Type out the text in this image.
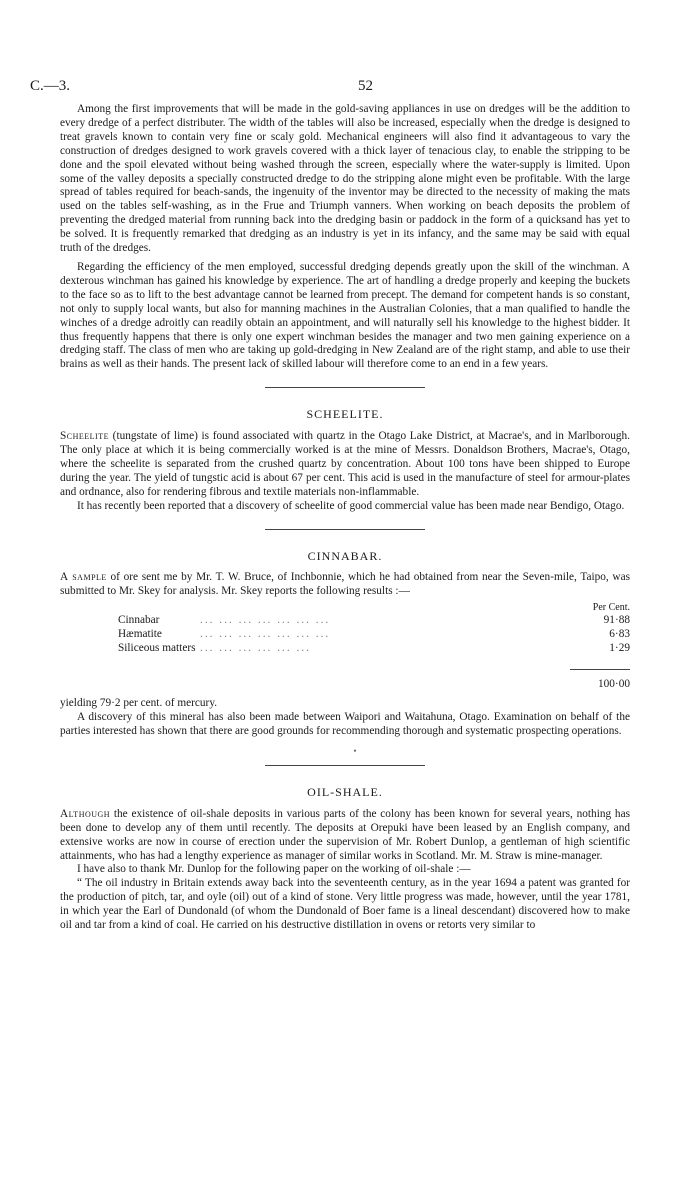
C.—3.	52

Among the first improvements that will be made in the gold-saving appliances in use on dredges will be the addition to every dredge of a perfect distributer. The width of the tables will also be increased, especially when the dredge is designed to treat gravels known to contain very fine or scaly gold. Mechanical engineers will also find it advantageous to vary the construction of dredges designed to work gravels covered with a thick layer of tenacious clay, to enable the stripping to be done and the spoil elevated without being washed through the screen, especially where the water-supply is limited. Upon some of the valley deposits a specially constructed dredge to do the stripping alone might even be profitable. With the large spread of tables required for beach-sands, the ingenuity of the inventor may be directed to the necessity of making the mats used on the tables self-washing, as in the Frue and Triumph vanners. When working on beach deposits the problem of preventing the dredged material from running back into the dredging basin or paddock in the form of a quicksand has yet to be solved. It is frequently remarked that dredging as an industry is yet in its infancy, and the same may be said with equal truth of the dredges.

Regarding the efficiency of the men employed, successful dredging depends greatly upon the skill of the winchman. A dexterous winchman has gained his knowledge by experience. The art of handling a dredge properly and keeping the buckets to the face so as to lift to the best advantage cannot be learned from precept. The demand for competent hands is so constant, not only to supply local wants, but also for manning machines in the Australian Colonies, that a man qualified to handle the winches of a dredge adroitly can readily obtain an appointment, and will naturally sell his knowledge to the highest bidder. It thus frequently happens that there is only one expert winchman besides the manager and two men gaining experience on a dredging staff. The class of men who are taking up gold-dredging in New Zealand are of the right stamp, and able to use their brains as well as their hands. The present lack of skilled labour will therefore come to an end in a few years.

SCHEELITE.

Scheelite (tungstate of lime) is found associated with quartz in the Otago Lake District, at Macrae's, and in Marlborough. The only place at which it is being commercially worked is at the mine of Messrs. Donaldson Brothers, Macrae's, Otago, where the scheelite is separated from the crushed quartz by concentration. About 100 tons have been shipped to Europe during the year. The yield of tungstic acid is about 67 per cent. This acid is used in the manufacture of steel for armour-plates and ordnance, also for rendering fibrous and textile materials non-inflammable.

It has recently been reported that a discovery of scheelite of good commercial value has been made near Bendigo, Otago.

CINNABAR.

A sample of ore sent me by Mr. T. W. Bruce, of Inchbonnie, which he had obtained from near the Seven-mile, Taipo, was submitted to Mr. Skey for analysis. Mr. Skey reports the following results :—

Per Cent.
Cinnabar	... ... ... ... ... ... ...	91·88
Hæmatite	... ... ... ... ... ... ...	6·83
Siliceous matters ... ... ... ... ... ...	1·29
100·00

yielding 79·2 per cent. of mercury.

A discovery of this mineral has also been made between Waipori and Waitahuna, Otago. Examination on behalf of the parties interested has shown that there are good grounds for recommending thorough and systematic prospecting operations.

•
OIL-SHALE.

Although the existence of oil-shale deposits in various parts of the colony has been known for several years, nothing has been done to develop any of them until recently. The deposits at Orepuki have been leased by an English company, and extensive works are now in course of erection under the supervision of Mr. Robert Dunlop, a gentleman of high scientific attainments, who has had a lengthy experience as manager of similar works in Scotland. Mr. M. Straw is mine-manager.

I have also to thank Mr. Dunlop for the following paper on the working of oil-shale :—

“ The oil industry in Britain extends away back into the seventeenth century, as in the year 1694 a patent was granted for the production of pitch, tar, and oyle (oil) out of a kind of stone. Very little progress was made, however, until the year 1781, in which year the Earl of Dundonald (of whom the Dundonald of Boer fame is a lineal descendant) discovered how to make oil and tar from a kind of coal. He carried on his destructive distillation in ovens or retorts very similar to
